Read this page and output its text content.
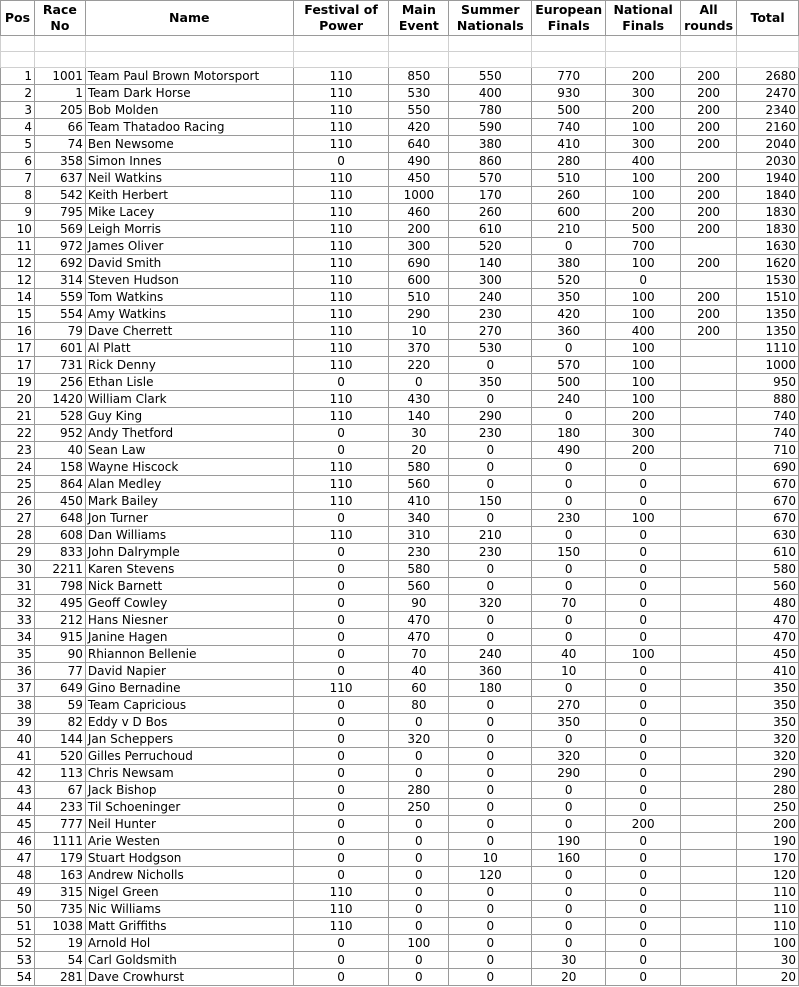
Pos	Race No	Name	Festival of Power	Main Event	Summer Nationals	European Finals	National Finals	All rounds	Total

1	1001	Team Paul Brown Motorsport	110	850	550	770	200	200	2680
2	1	Team Dark Horse	110	530	400	930	300	200	2470
3	205	Bob Molden	110	550	780	500	200	200	2340
4	66	Team Thatadoo Racing	110	420	590	740	100	200	2160
5	74	Ben Newsome	110	640	380	410	300	200	2040
6	358	Simon Innes	0	490	860	280	400		2030
7	637	Neil Watkins	110	450	570	510	100	200	1940
8	542	Keith Herbert	110	1000	170	260	100	200	1840
9	795	Mike Lacey	110	460	260	600	200	200	1830
10	569	Leigh Morris	110	200	610	210	500	200	1830
11	972	James Oliver	110	300	520	0	700		1630
12	692	David Smith	110	690	140	380	100	200	1620
12	314	Steven Hudson	110	600	300	520	0		1530
14	559	Tom Watkins	110	510	240	350	100	200	1510
15	554	Amy Watkins	110	290	230	420	100	200	1350
16	79	Dave Cherrett	110	10	270	360	400	200	1350
17	601	Al Platt	110	370	530	0	100		1110
17	731	Rick Denny	110	220	0	570	100		1000
19	256	Ethan Lisle	0	0	350	500	100		950
20	1420	William Clark	110	430	0	240	100		880
21	528	Guy King	110	140	290	0	200		740
22	952	Andy Thetford	0	30	230	180	300		740
23	40	Sean Law	0	20	0	490	200		710
24	158	Wayne Hiscock	110	580	0	0	0		690
25	864	Alan Medley	110	560	0	0	0		670
26	450	Mark Bailey	110	410	150	0	0		670
27	648	Jon Turner	0	340	0	230	100		670
28	608	Dan Williams	110	310	210	0	0		630
29	833	John Dalrymple	0	230	230	150	0		610
30	2211	Karen Stevens	0	580	0	0	0		580
31	798	Nick Barnett	0	560	0	0	0		560
32	495	Geoff Cowley	0	90	320	70	0		480
33	212	Hans Niesner	0	470	0	0	0		470
34	915	Janine Hagen	0	470	0	0	0		470
35	90	Rhiannon Bellenie	0	70	240	40	100		450
36	77	David Napier	0	40	360	10	0		410
37	649	Gino Bernadine	110	60	180	0	0		350
38	59	Team Capricious	0	80	0	270	0		350
39	82	Eddy v D Bos	0	0	0	350	0		350
40	144	Jan Scheppers	0	320	0	0	0		320
41	520	Gilles Perruchoud	0	0	0	320	0		320
42	113	Chris Newsam	0	0	0	290	0		290
43	67	Jack Bishop	0	280	0	0	0		280
44	233	Til Schoeninger	0	250	0	0	0		250
45	777	Neil Hunter	0	0	0	0	200		200
46	1111	Arie Westen	0	0	0	190	0		190
47	179	Stuart Hodgson	0	0	10	160	0		170
48	163	Andrew Nicholls	0	0	120	0	0		120
49	315	Nigel Green	110	0	0	0	0		110
50	735	Nic Williams	110	0	0	0	0		110
51	1038	Matt Griffiths	110	0	0	0	0		110
52	19	Arnold Hol	0	100	0	0	0		100
53	54	Carl Goldsmith	0	0	0	30	0		30
54	281	Dave Crowhurst	0	0	0	20	0		20
